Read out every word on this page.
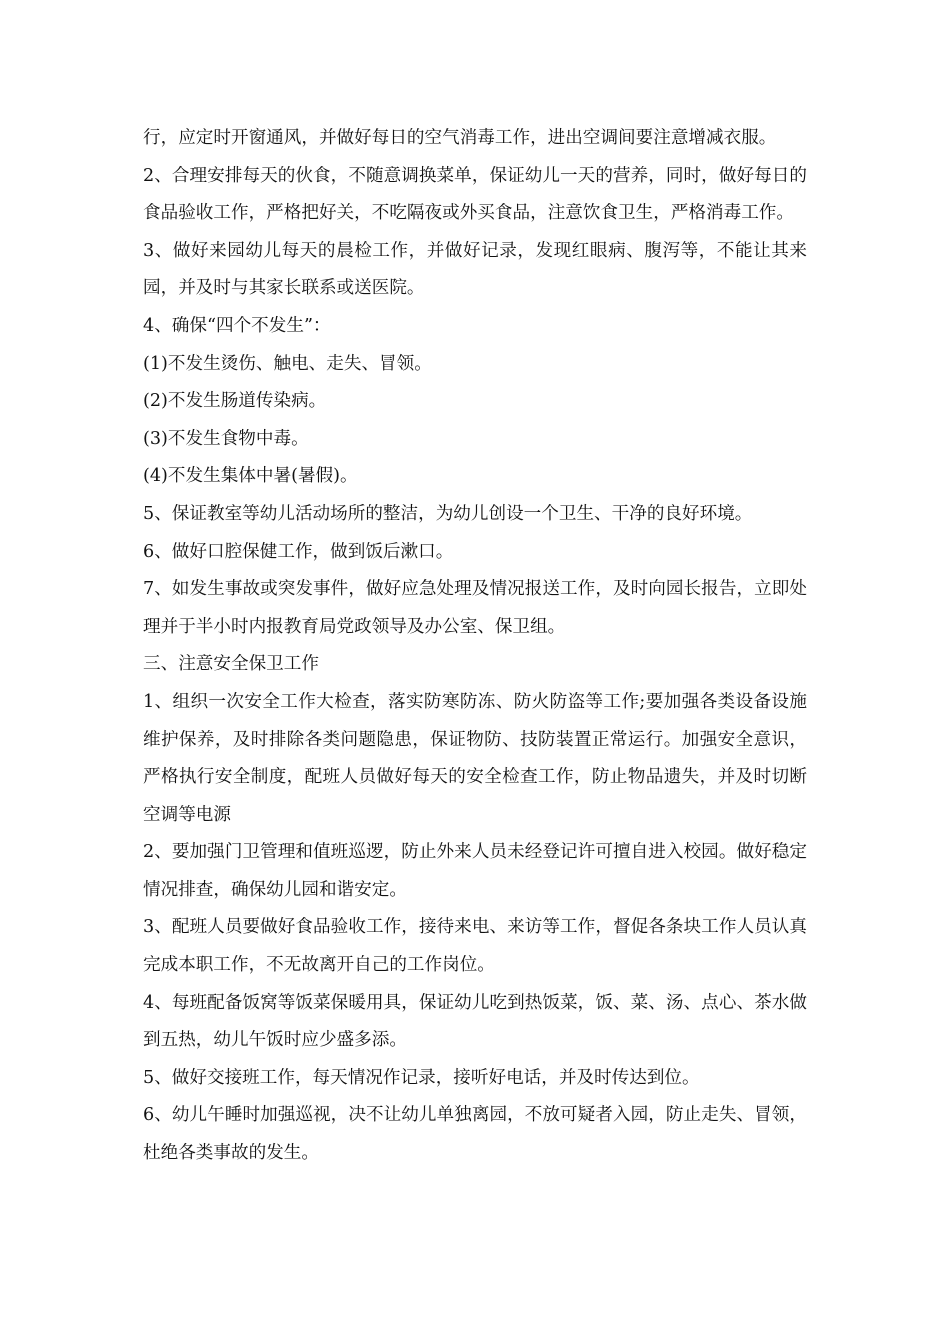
行，应定时开窗通风，并做好每日的空气消毒工作，进出空调间要注意增减衣服。

2、合理安排每天的伙食，不随意调换菜单，保证幼儿一天的营养，同时，做好每日的食品验收工作，严格把好关，不吃隔夜或外买食品，注意饮食卫生，严格消毒工作。

3、做好来园幼儿每天的晨检工作，并做好记录，发现红眼病、腹泻等，不能让其来园，并及时与其家长联系或送医院。

4、确保“四个不发生”：

(1)不发生烫伤、触电、走失、冒领。

(2)不发生肠道传染病。

(3)不发生食物中毒。

(4)不发生集体中暑(暑假)。

5、保证教室等幼儿活动场所的整洁，为幼儿创设一个卫生、干净的良好环境。

6、做好口腔保健工作，做到饭后漱口。

7、如发生事故或突发事件，做好应急处理及情况报送工作，及时向园长报告，立即处理并于半小时内报教育局党政领导及办公室、保卫组。

三、注意安全保卫工作

1、组织一次安全工作大检查，落实防寒防冻、防火防盗等工作;要加强各类设备设施维护保养，及时排除各类问题隐患，保证物防、技防装置正常运行。加强安全意识，严格执行安全制度，配班人员做好每天的安全检查工作，防止物品遗失，并及时切断空调等电源

2、要加强门卫管理和值班巡逻，防止外来人员未经登记许可擅自进入校园。做好稳定情况排查，确保幼儿园和谐安定。

3、配班人员要做好食品验收工作，接待来电、来访等工作，督促各条块工作人员认真完成本职工作，不无故离开自己的工作岗位。

4、每班配备饭窝等饭菜保暖用具，保证幼儿吃到热饭菜，饭、菜、汤、点心、茶水做到五热，幼儿午饭时应少盛多添。

5、做好交接班工作，每天情况作记录，接听好电话，并及时传达到位。

6、幼儿午睡时加强巡视，决不让幼儿单独离园，不放可疑者入园，防止走失、冒领，杜绝各类事故的发生。
